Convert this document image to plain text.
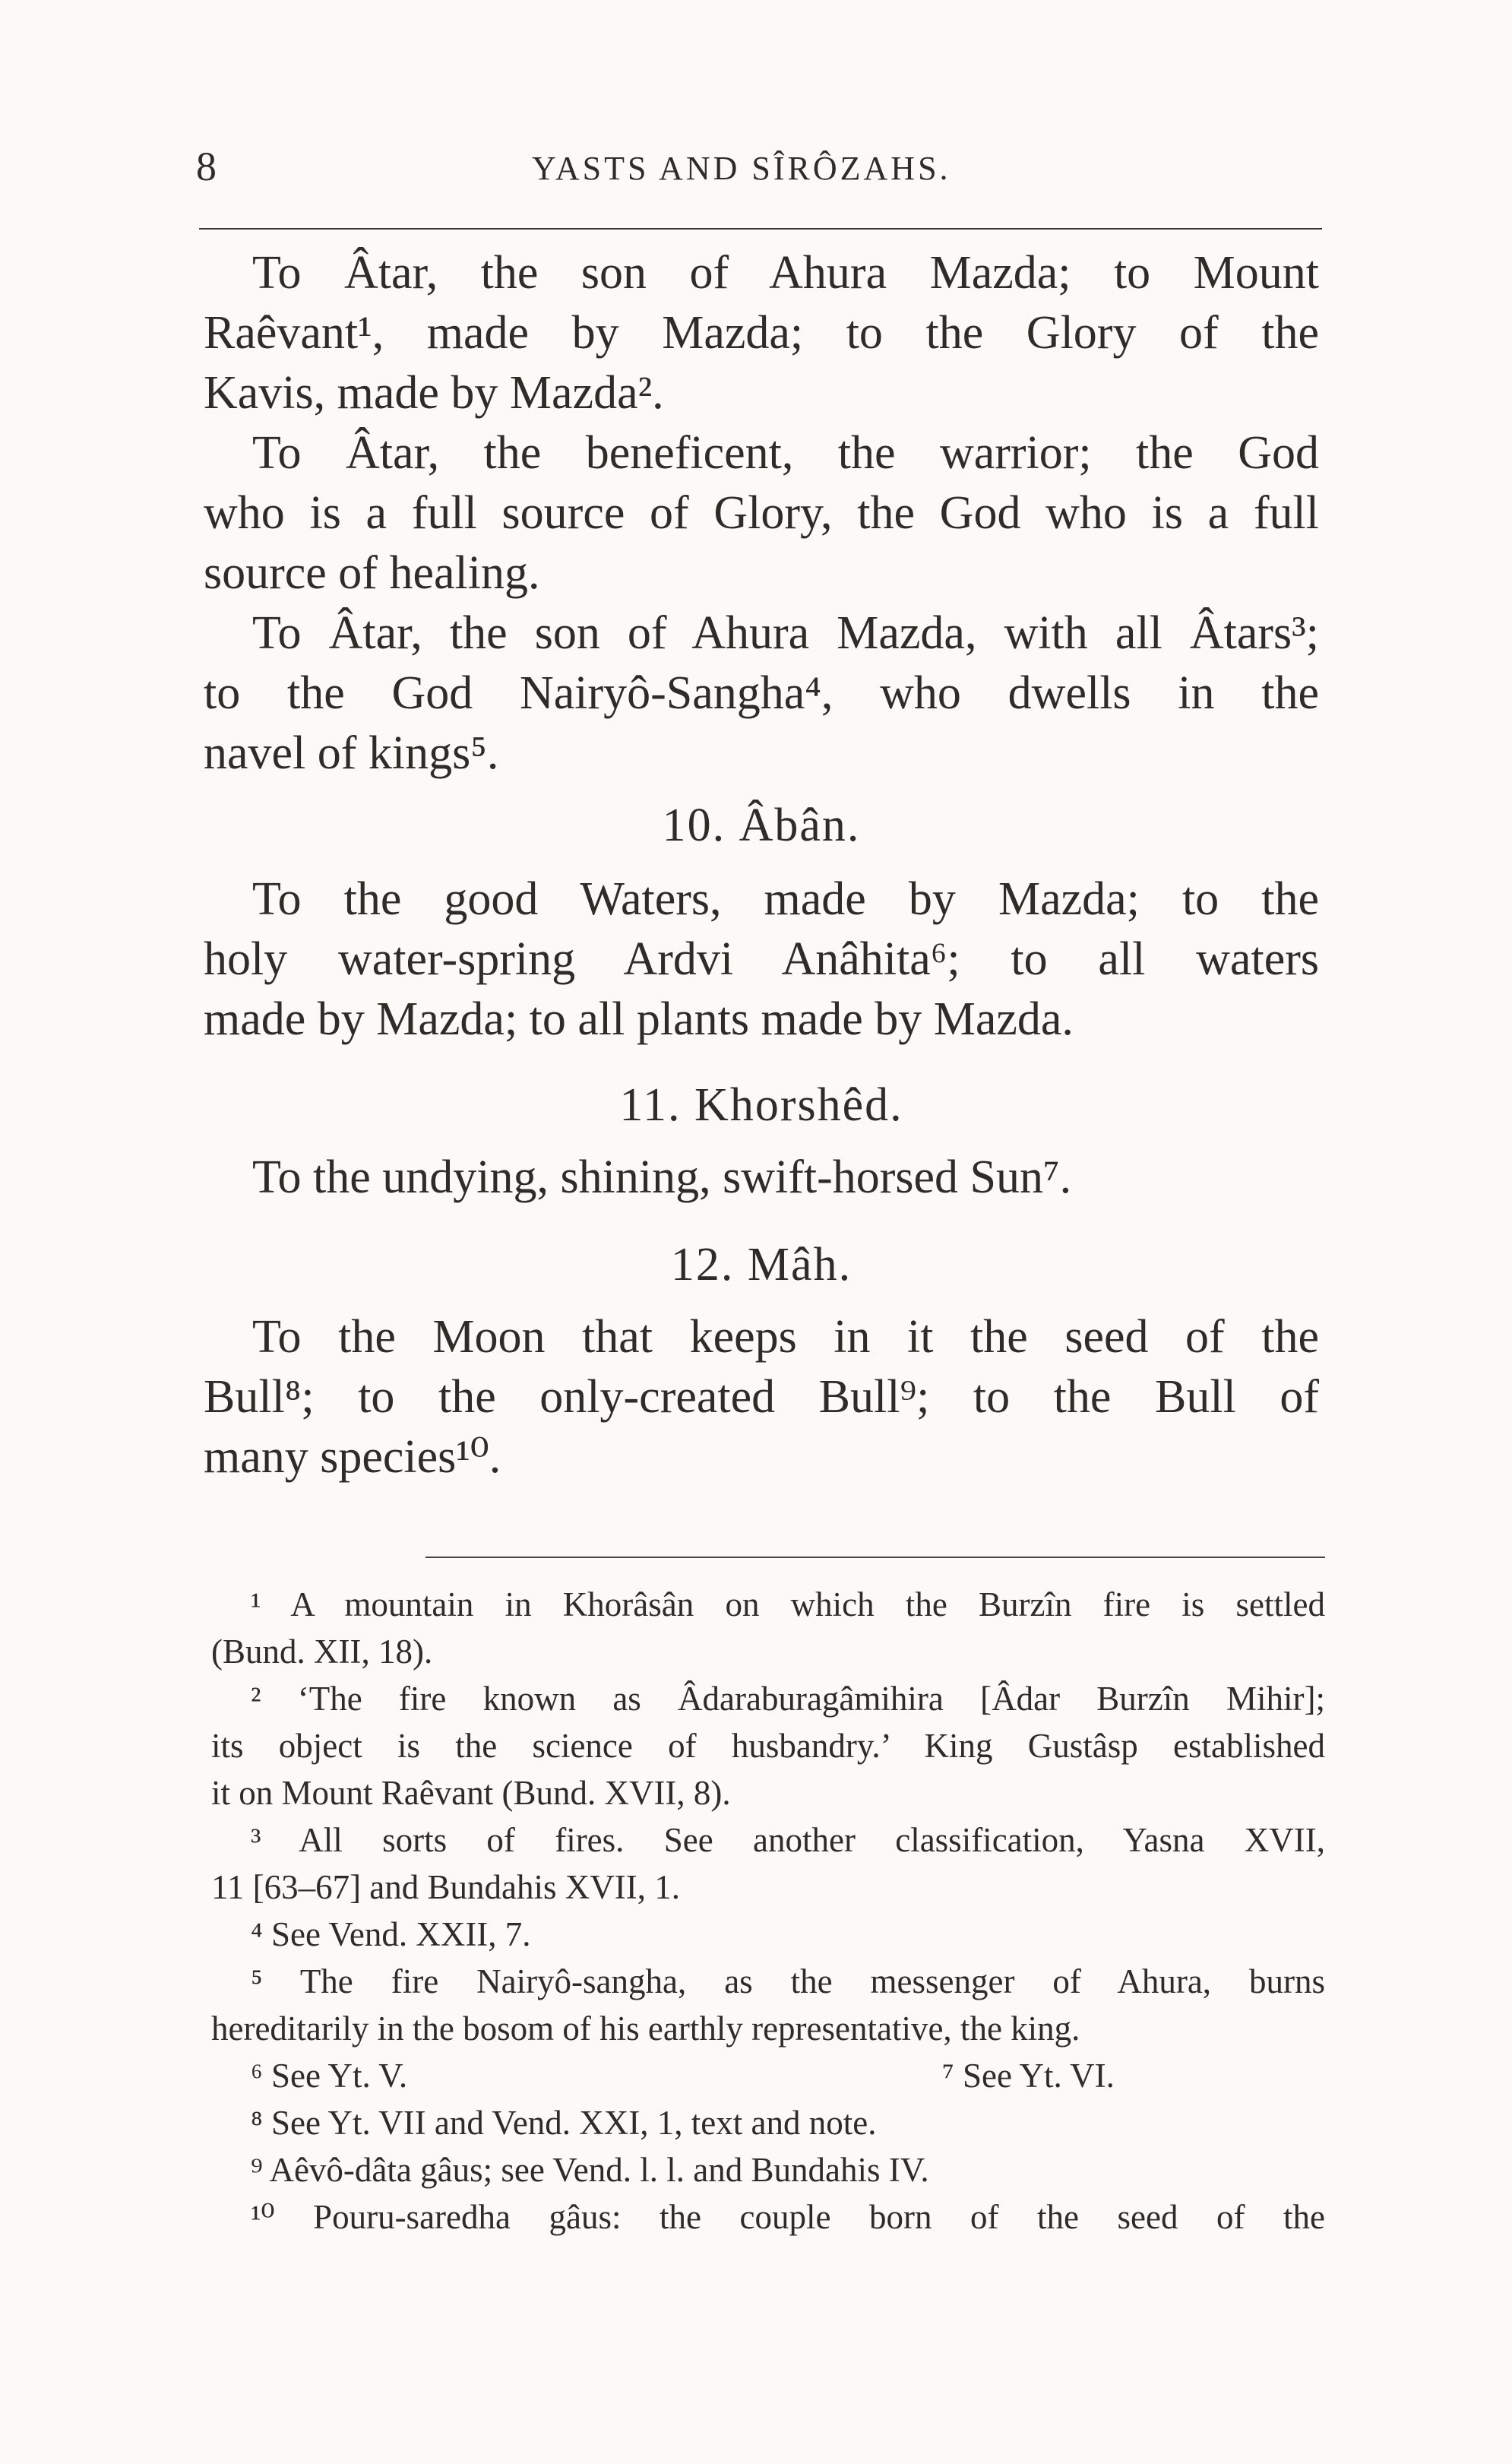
8	YASTS AND SÎRÔZAHS.

To Âtar, the son of Ahura Mazda; to Mount

Raêvant¹, made by Mazda; to the Glory of the

Kavis, made by Mazda².

To Âtar, the beneficent, the warrior; the God

who is a full source of Glory, the God who is a full

source of healing.

To Âtar, the son of Ahura Mazda, with all Âtars³;

to the God Nairyô-Sangha⁴, who dwells in the

navel of kings⁵.

10. Âbân.

To the good Waters, made by Mazda; to the

holy water-spring Ardvi Anâhita⁶; to all waters

made by Mazda; to all plants made by Mazda.

11. Khorshêd.

To the undying, shining, swift-horsed Sun⁷.

12. Mâh.

To the Moon that keeps in it the seed of the

Bull⁸; to the only-created Bull⁹; to the Bull of

many species¹⁰.

¹ A mountain in Khorâsân on which the Burzîn fire is settled

(Bund. XII, 18).

² ‘The fire known as Âdaraburagâmihira [Âdar Burzîn Mihir];

its object is the science of husbandry.’ King Gustâsp established

it on Mount Raêvant (Bund. XVII, 8).

³ All sorts of fires. See another classification, Yasna XVII,

11 [63–67] and Bundahis XVII, 1.

⁴ See Vend. XXII, 7.

⁵ The fire Nairyô-sangha, as the messenger of Ahura, burns

hereditarily in the bosom of his earthly representative, the king.

⁶ See Yt. V.	⁷ See Yt. VI.

⁸ See Yt. VII and Vend. XXI, 1, text and note.

⁹ Aêvô-dâta gâus; see Vend. l. l. and Bundahis IV.

¹⁰ Pouru-saredha gâus: the couple born of the seed of the
